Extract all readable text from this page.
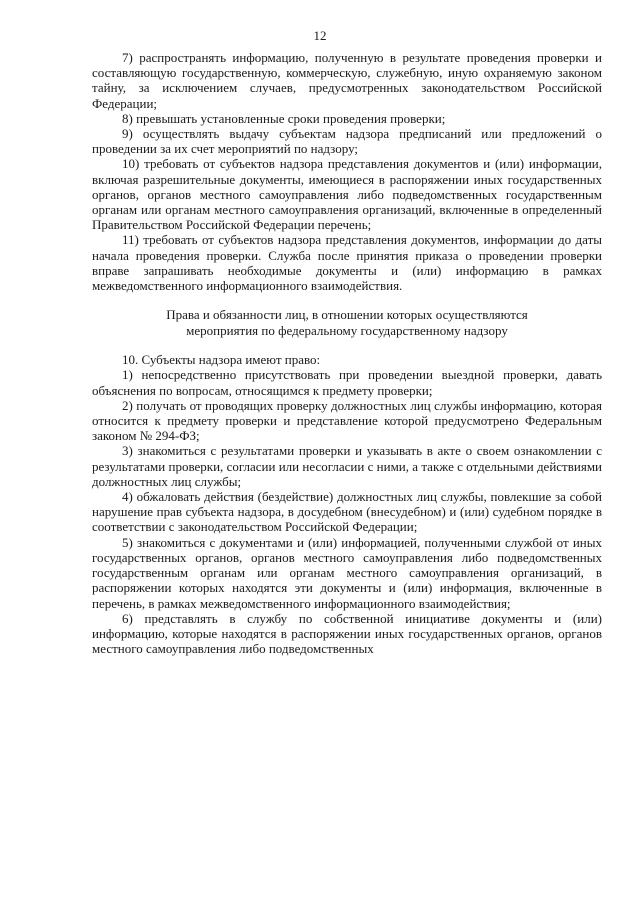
12

7) распространять информацию, полученную в результате проведения проверки и составляющую государственную, коммерческую, служебную, иную охраняемую законом тайну, за исключением случаев, предусмотренных законодательством Российской Федерации;

8) превышать установленные сроки проведения проверки;

9) осуществлять выдачу субъектам надзора предписаний или предложений о проведении за их счет мероприятий по надзору;

10) требовать от субъектов надзора представления документов и (или) информации, включая разрешительные документы, имеющиеся в распоряжении иных государственных органов, органов местного самоуправления либо подведомственных государственным органам или органам местного самоуправления организаций, включенные в определенный Правительством Российской Федерации перечень;

11) требовать от субъектов надзора представления документов, информации до даты начала проведения проверки. Служба после принятия приказа о проведении проверки вправе запрашивать необходимые документы и (или) информацию в рамках межведомственного информационного взаимодействия.

Права и обязанности лиц, в отношении которых осуществляются
мероприятия по федеральному государственному надзору

10. Субъекты надзора имеют право:

1) непосредственно присутствовать при проведении выездной проверки, давать объяснения по вопросам, относящимся к предмету проверки;

2) получать от проводящих проверку должностных лиц службы информацию, которая относится к предмету проверки и представление которой предусмотрено Федеральным законом № 294-ФЗ;

3) знакомиться с результатами проверки и указывать в акте о своем ознакомлении с результатами проверки, согласии или несогласии с ними, а также с отдельными действиями должностных лиц службы;

4) обжаловать действия (бездействие) должностных лиц службы, повлекшие за собой нарушение прав субъекта надзора, в досудебном (внесудебном) и (или) судебном порядке в соответствии с законодательством Российской Федерации;

5) знакомиться с документами и (или) информацией, полученными службой от иных государственных органов, органов местного самоуправления либо подведомственных государственным органам или органам местного самоуправления организаций, в распоряжении которых находятся эти документы и (или) информация, включенные в перечень, в рамках межведомственного информационного взаимодействия;

6) представлять в службу по собственной инициативе документы и (или) информацию, которые находятся в распоряжении иных государственных органов, органов местного самоуправления либо подведомственных
